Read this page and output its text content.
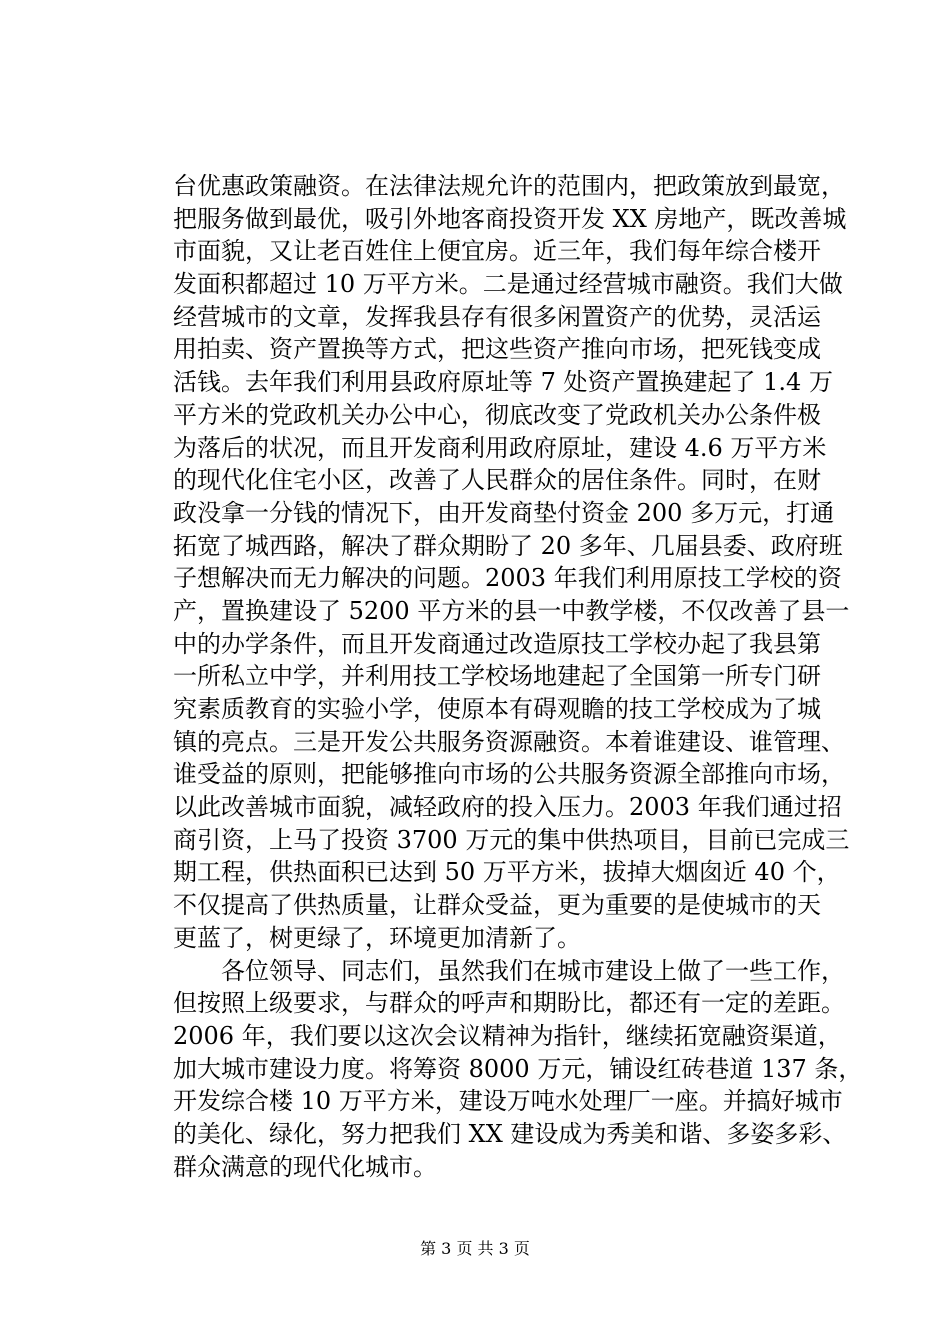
台优惠政策融资。在法律法规允许的范围内，把政策放到最宽，
把服务做到最优，吸引外地客商投资开发 XX 房地产，既改善城
市面貌，又让老百姓住上便宜房。近三年，我们每年综合楼开
发面积都超过 10 万平方米。二是通过经营城市融资。我们大做
经营城市的文章，发挥我县存有很多闲置资产的优势，灵活运
用拍卖、资产置换等方式，把这些资产推向市场，把死钱变成
活钱。去年我们利用县政府原址等 7 处资产置换建起了 1.4 万
平方米的党政机关办公中心，彻底改变了党政机关办公条件极
为落后的状况，而且开发商利用政府原址，建设 4.6 万平方米
的现代化住宅小区，改善了人民群众的居住条件。同时，在财
政没拿一分钱的情况下，由开发商垫付资金 200 多万元，打通
拓宽了城西路，解决了群众期盼了 20 多年、几届县委、政府班
子想解决而无力解决的问题。2003 年我们利用原技工学校的资
产，置换建设了 5200 平方米的县一中教学楼，不仅改善了县一
中的办学条件，而且开发商通过改造原技工学校办起了我县第
一所私立中学，并利用技工学校场地建起了全国第一所专门研
究素质教育的实验小学，使原本有碍观瞻的技工学校成为了城
镇的亮点。三是开发公共服务资源融资。本着谁建设、谁管理、
谁受益的原则，把能够推向市场的公共服务资源全部推向市场，
以此改善城市面貌，减轻政府的投入压力。2003 年我们通过招
商引资，上马了投资 3700 万元的集中供热项目，目前已完成三
期工程，供热面积已达到 50 万平方米，拔掉大烟囱近 40 个，
不仅提高了供热质量，让群众受益，更为重要的是使城市的天
更蓝了，树更绿了，环境更加清新了。
各位领导、同志们，虽然我们在城市建设上做了一些工作，
但按照上级要求，与群众的呼声和期盼比，都还有一定的差距。
2006 年，我们要以这次会议精神为指针，继续拓宽融资渠道，
加大城市建设力度。将筹资 8000 万元，铺设红砖巷道 137 条，
开发综合楼 10 万平方米，建设万吨水处理厂一座。并搞好城市
的美化、绿化，努力把我们 XX 建设成为秀美和谐、多姿多彩、
群众满意的现代化城市。
第 3 页 共 3 页
